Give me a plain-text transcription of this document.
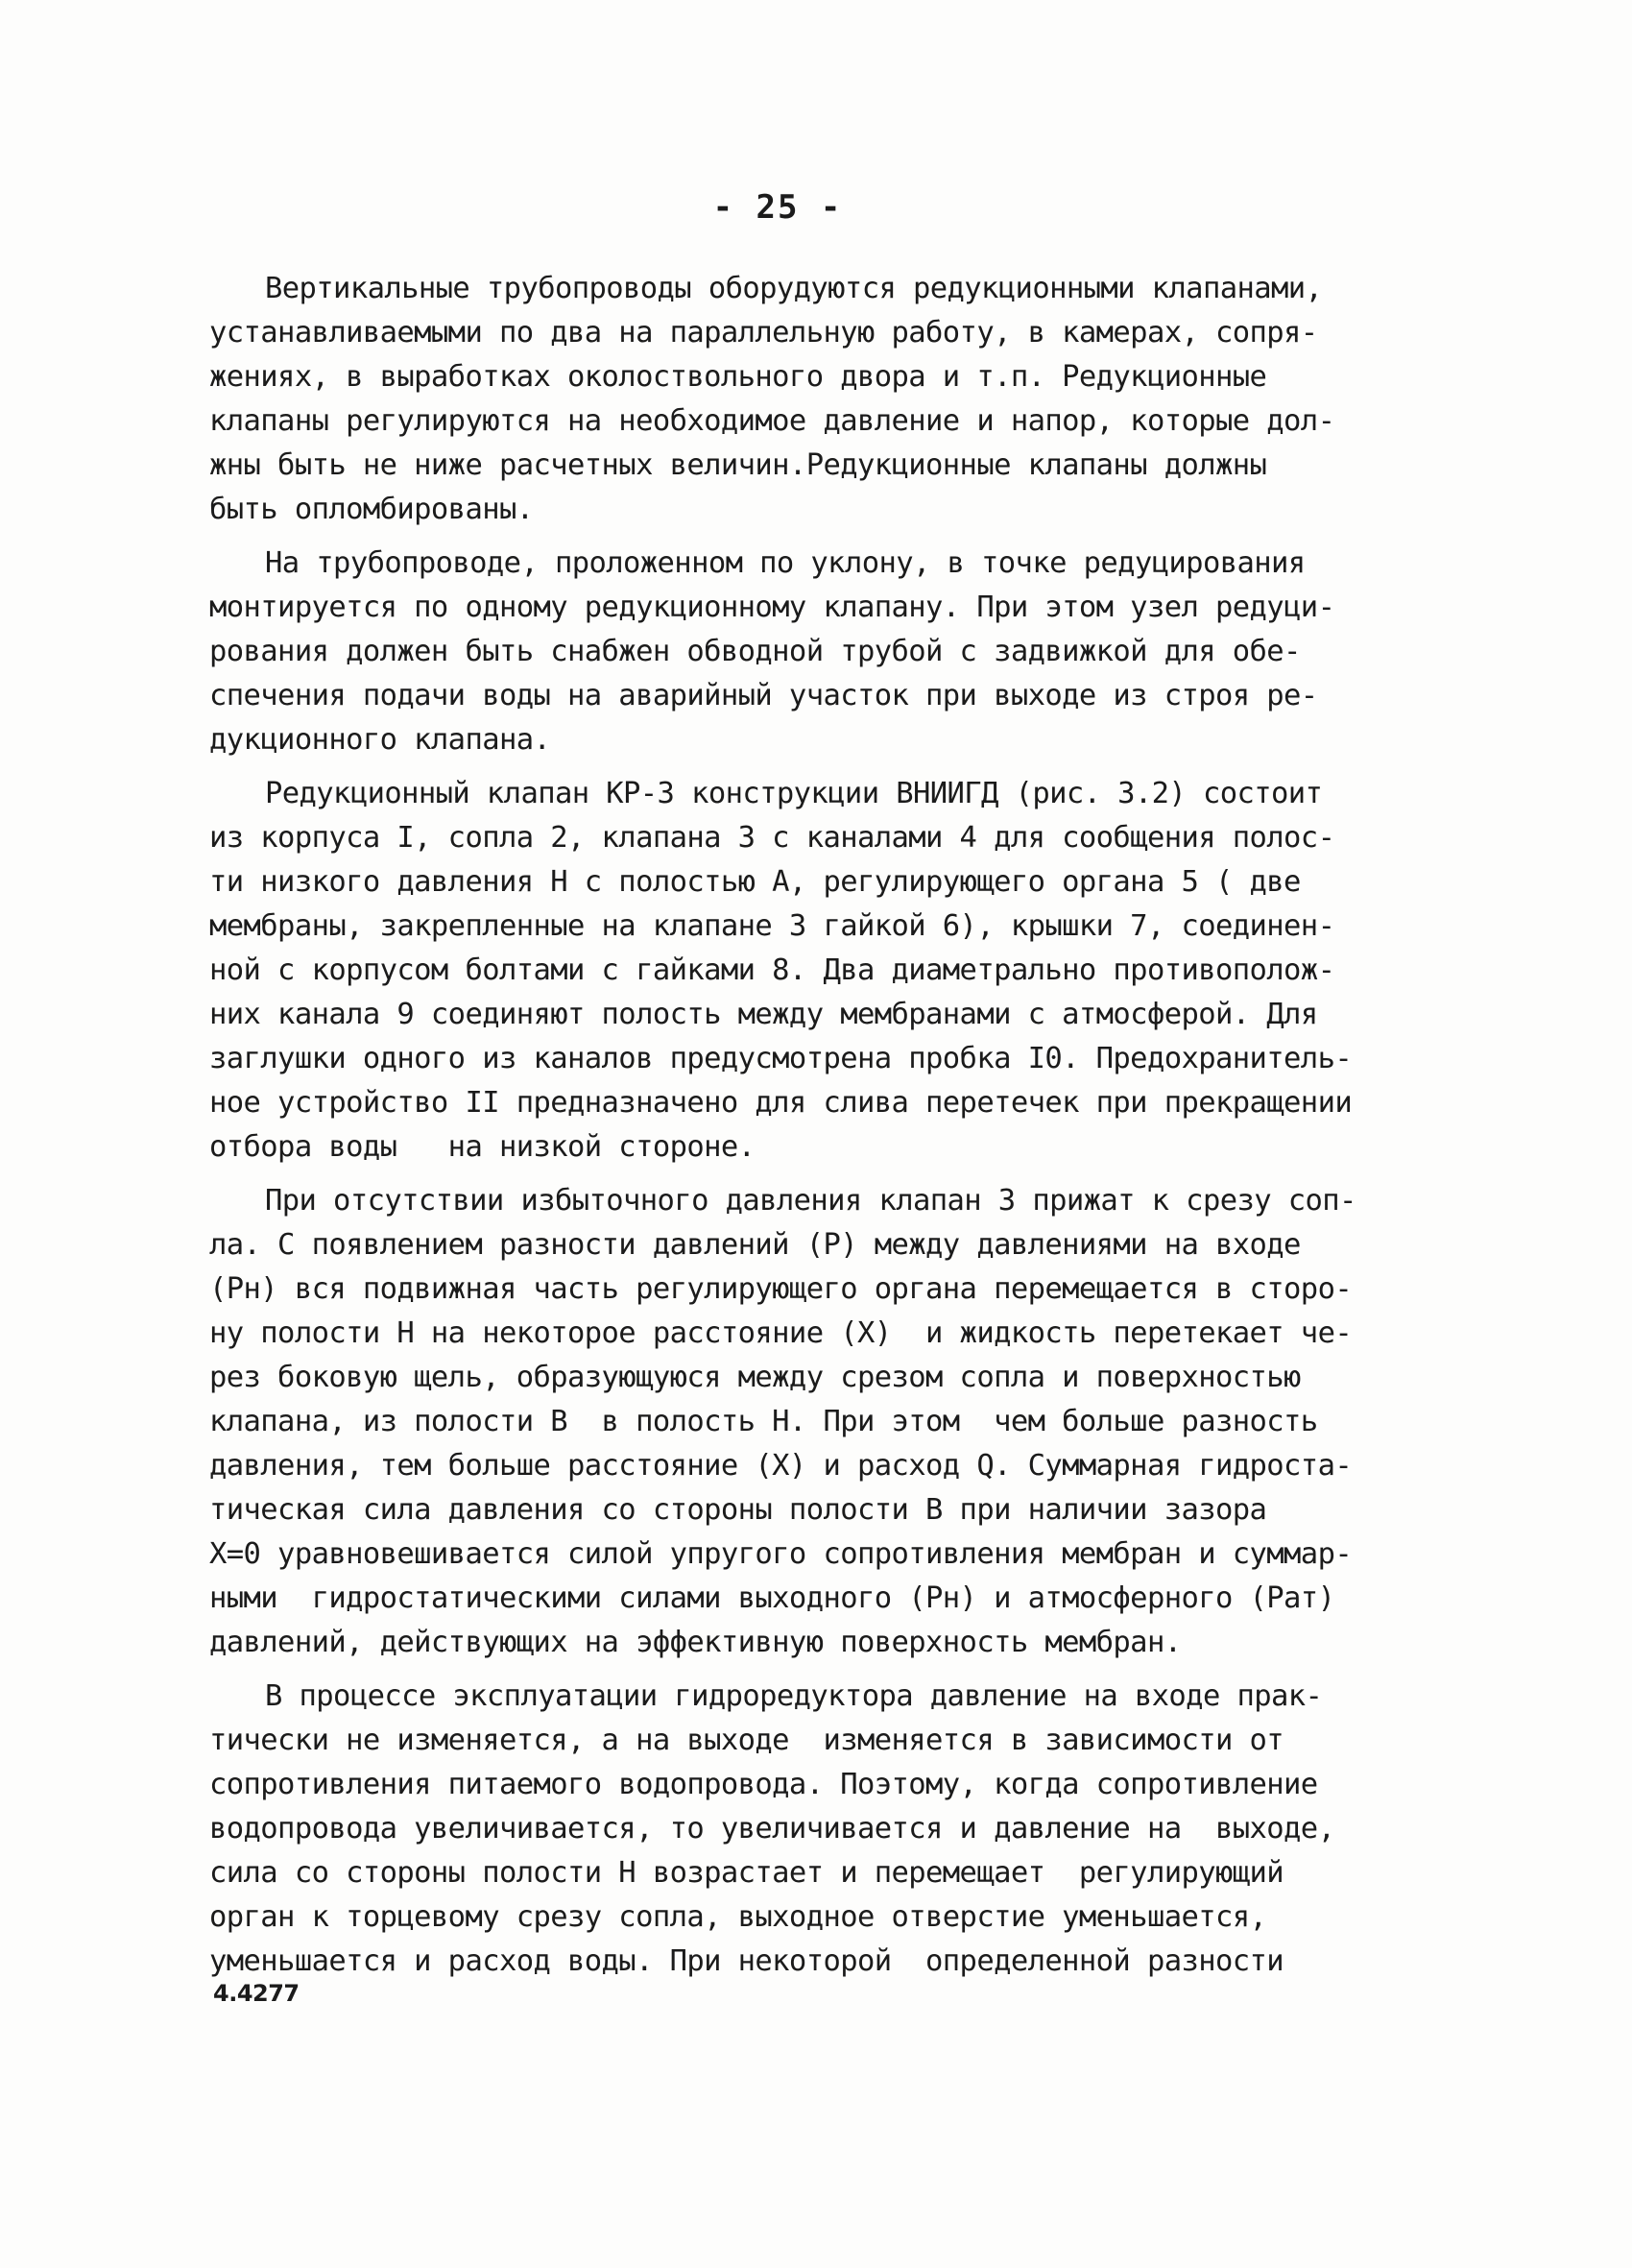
- 25 -
Вертикальные трубопроводы оборудуются редукционными клапанами,
устанавливаемыми по два на параллельную работу, в камерах, сопря-
жениях, в выработках околоствольного двора и т.п. Редукционные
клапаны регулируются на необходимое давление и напор, которые дол-
жны быть не ниже расчетных величин.Редукционные клапаны должны
быть опломбированы.
На трубопроводе, проложенном по уклону, в точке редуцирования
монтируется по одному редукционному клапану. При этом узел редуци-
рования должен быть снабжен обводной трубой с задвижкой для обе-
спечения подачи воды на аварийный участок при выходе из строя ре-
дукционного клапана.
Редукционный клапан КР-3 конструкции ВНИИГД (рис. 3.2) состоит
из корпуса I, сопла 2, клапана 3 с каналами 4 для сообщения полос-
ти низкого давления Н с полостью А, регулирующего органа 5 ( две
мембраны, закрепленные на клапане 3 гайкой 6), крышки 7, соединен-
ной с корпусом болтами с гайками 8. Два диаметрально противополож-
них канала 9 соединяют полость между мембранами с атмосферой. Для
заглушки одного из каналов предусмотрена пробка I0. Предохранитель-
ное устройство II предназначено для слива перетечек при прекращении
отбора воды   на низкой стороне.
При отсутствии избыточного давления клапан 3 прижат к срезу соп-
ла. С появлением разности давлений (P) между давлениями на входе
(Pн) вся подвижная часть регулирующего органа перемещается в сторо-
ну полости H на некоторое расстояние (X)  и жидкость перетекает че-
рез боковую щель, образующуюся между срезом сопла и поверхностью
клапана, из полости В  в полость H. При этом  чем больше разность
давления, тем больше расстояние (X) и расход Q. Суммарная гидроста-
тическая сила давления со стороны полости В при наличии зазора
X=0 уравновешивается силой упругого сопротивления мембран и суммар-
ными  гидростатическими силами выходного (Pн) и атмосферного (Pат)
давлений, действующих на эффективную поверхность мембран.
В процессе эксплуатации гидроредуктора давление на входе прак-
тически не изменяется, а на выходе  изменяется в зависимости от
сопротивления питаемого водопровода. Поэтому, когда сопротивление
водопровода увеличивается, то увеличивается и давление на  выходе,
сила со стороны полости Н возрастает и перемещает  регулирующий
орган к торцевому срезу сопла, выходное отверстие уменьшается,
уменьшается и расход воды. При некоторой  определенной разности
4.4277
